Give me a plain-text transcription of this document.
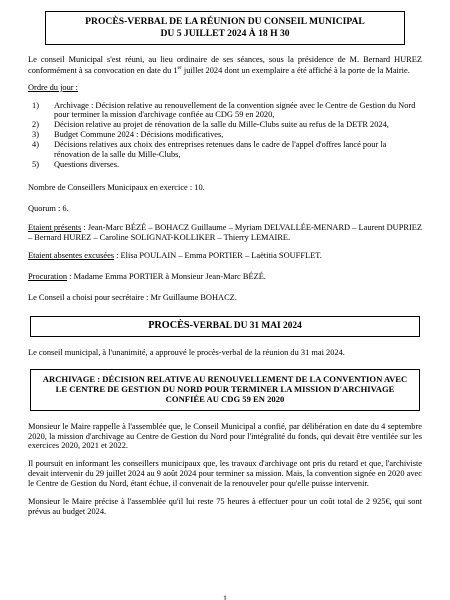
PROCÈS-VERBAL DE LA RÉUNION DU CONSEIL MUNICIPAL
DU 5 JUILLET 2024 À 18 H 30

Le conseil Municipal s'est réuni, au lieu ordinaire de ses séances, sous la présidence de M. Bernard HUREZ conformément à sa convocation en date du 1er juillet 2024 dont un exemplaire a été affiché à la porte de la Mairie.

Ordre du jour :

1) Archivage : Décision relative au renouvellement de la convention signée avec le Centre de Gestion du Nord pour terminer la mission d'archivage confiée au CDG 59 en 2020,
2) Décision relative au projet de rénovation de la salle du Mille-Clubs suite au refus de la DETR 2024,
3) Budget Commune 2024 : Décisions modificatives,
4) Décisions relatives aux choix des entreprises retenues dans le cadre de l'appel d'offres lancé pour la rénovation de la salle du Mille-Clubs,
5) Questions diverses.

Nombre de Conseillers Municipaux en exercice : 10.

Quorum : 6.

Etaient présents : Jean-Marc BÉZÉ – BOHACZ Guillaume – Myriam DELVALLÉE-MENARD – Laurent DUPRIEZ – Bernard HUREZ – Caroline SOLIGNAT-KOLLIKER – Thierry LEMAIRE.

Etaient absentes excusées : Elisa POULAIN – Emma PORTIER – Laëtitia SOUFFLET.

Procuration : Madame Emma PORTIER à Monsieur Jean-Marc BÉZÉ.

Le Conseil a choisi pour secrétaire : Mr Guillaume BOHACZ.

PROCÈS-VERBAL DU 31 MAI 2024

Le conseil municipal, à l'unanimité, a approuvé le procès-verbal de la réunion du 31 mai 2024.

ARCHIVAGE : DÉCISION RELATIVE AU RENOUVELLEMENT DE LA CONVENTION AVEC
LE CENTRE DE GESTION DU NORD POUR TERMINER LA MISSION D'ARCHIVAGE
CONFIÉE AU CDG 59 EN 2020

Monsieur le Maire rappelle à l'assemblée que, le Conseil Municipal a confié, par délibération en date du 4 septembre 2020, la mission d'archivage au Centre de Gestion du Nord pour l'intégralité du fonds, qui devait être ventilée sur les exercices 2020, 2021 et 2022.

Il poursuit en informant les conseillers municipaux que, les travaux d'archivage ont pris du retard et que, l'archiviste devait intervenir du 29 juillet 2024 au 9 août 2024 pour terminer sa mission. Mais, la convention signée en 2020 avec le Centre de Gestion du Nord, étant échue, il convenait de la renouveler pour qu'elle puisse intervenir.

Monsieur le Maire précise à l'assemblée qu'il lui reste 75 heures à effectuer pour un coût total de 2 925€, qui sont prévus au budget 2024.

1
